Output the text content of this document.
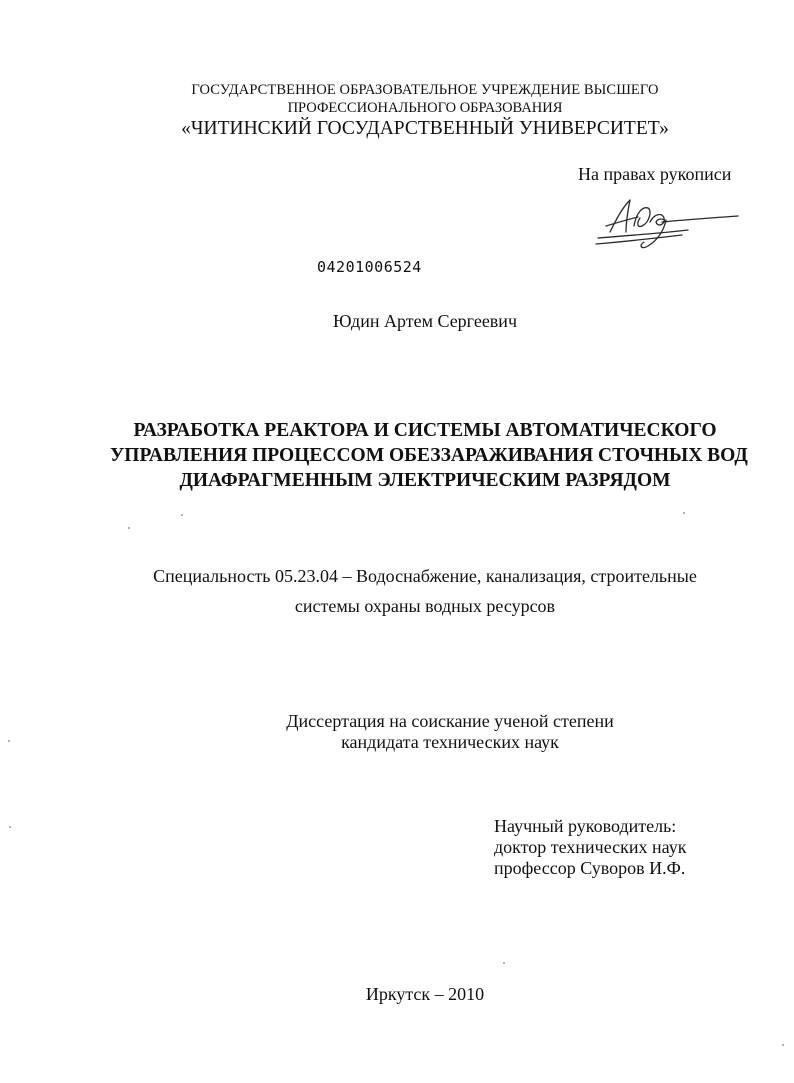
ГОСУДАРСТВЕННОЕ ОБРАЗОВАТЕЛЬНОЕ УЧРЕЖДЕНИЕ ВЫСШЕГО
ПРОФЕССИОНАЛЬНОГО ОБРАЗОВАНИЯ
«ЧИТИНСКИЙ ГОСУДАРСТВЕННЫЙ УНИВЕРСИТЕТ»
На правах рукописи
04201006524
Юдин Артем Сергеевич
РАЗРАБОТКА РЕАКТОРА И СИСТЕМЫ АВТОМАТИЧЕСКОГО
УПРАВЛЕНИЯ ПРОЦЕССОМ ОБЕЗЗАРАЖИВАНИЯ СТОЧНЫХ ВОД
ДИАФРАГМЕННЫМ ЭЛЕКТРИЧЕСКИМ РАЗРЯДОМ
Специальность 05.23.04 – Водоснабжение, канализация, строительные
системы охраны водных ресурсов
Диссертация на соискание ученой степени
кандидата технических наук
Научный руководитель:
доктор технических наук
профессор Суворов И.Ф.
Иркутск – 2010
